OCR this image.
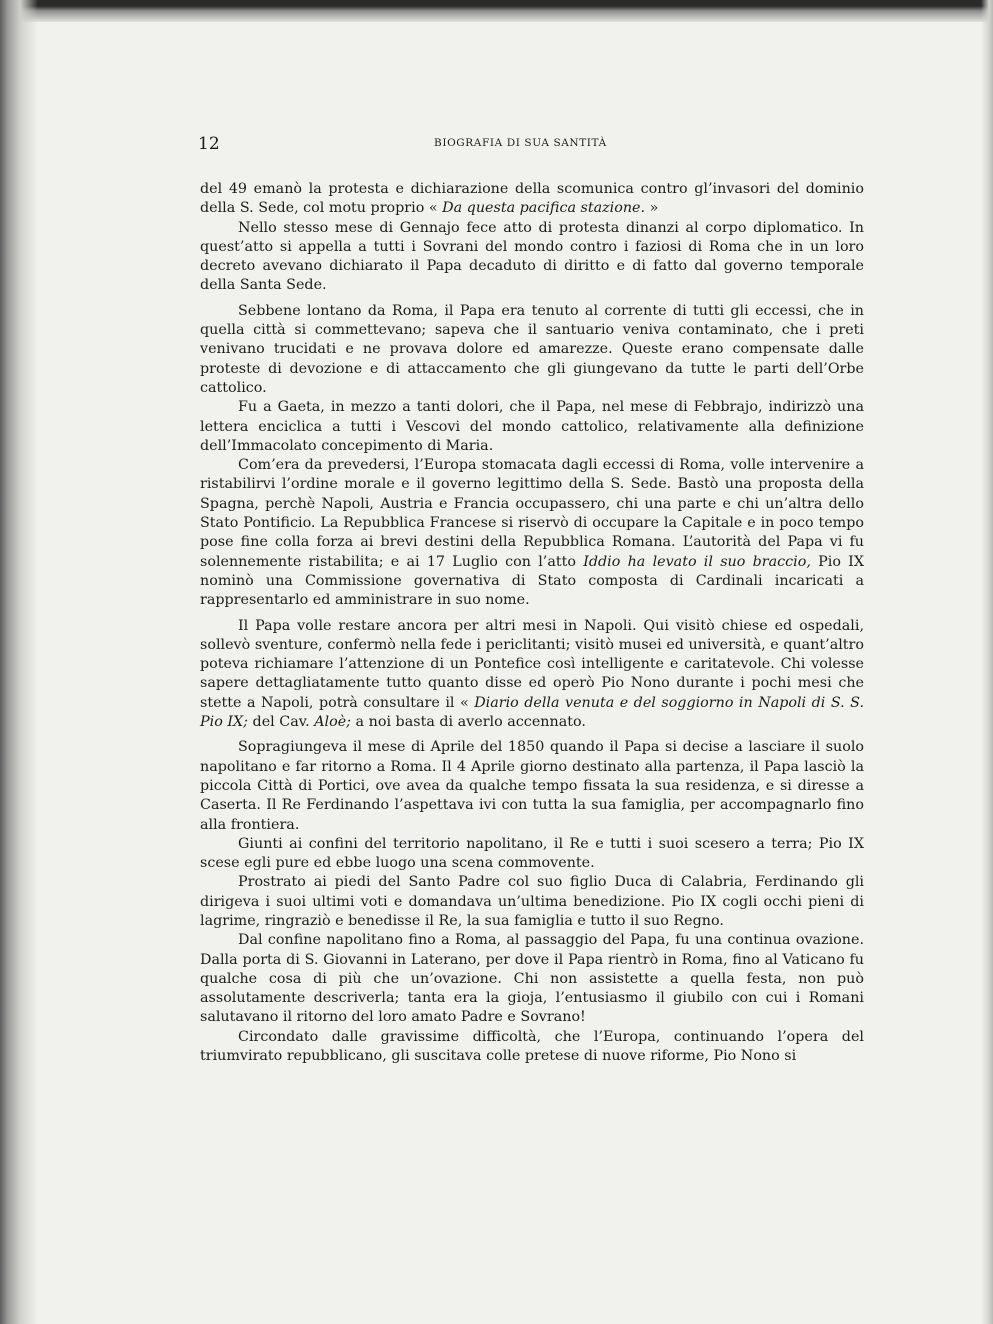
12	BIOGRAFIA DI SUA SANTITÀ

del 49 emanò la protesta e dichiarazione della scomunica contro gl’invasori del dominio della S. Sede, col motu proprio « Da questa pacifica stazione. »

Nello stesso mese di Gennajo fece atto di protesta dinanzi al corpo diplomatico. In quest’atto si appella a tutti i Sovrani del mondo contro i faziosi di Roma che in un loro decreto avevano dichiarato il Papa decaduto di diritto e di fatto dal governo temporale della Santa Sede.

Sebbene lontano da Roma, il Papa era tenuto al corrente di tutti gli eccessi, che in quella città si commettevano; sapeva che il santuario veniva contaminato, che i preti venivano trucidati e ne provava dolore ed amarezze. Queste erano compensate dalle proteste di devozione e di attaccamento che gli giungevano da tutte le parti dell’Orbe cattolico.

Fu a Gaeta, in mezzo a tanti dolori, che il Papa, nel mese di Febbrajo, indirizzò una lettera enciclica a tutti i Vescovi del mondo cattolico, relativamente alla definizione dell’Immacolato concepimento di Maria.

Com’era da prevedersi, l’Europa stomacata dagli eccessi di Roma, volle intervenire a ristabilirvi l’ordine morale e il governo legittimo della S. Sede. Bastò una proposta della Spagna, perchè Napoli, Austria e Francia occupassero, chi una parte e chi un’altra dello Stato Pontificio. La Repubblica Francese si riservò di occupare la Capitale e in poco tempo pose fine colla forza ai brevi destini della Repubblica Romana. L’autorità del Papa vi fu solennemente ristabilita; e ai 17 Luglio con l’atto Iddio ha levato il suo braccio, Pio IX nominò una Commissione governativa di Stato composta di Cardinali incaricati a rappresentarlo ed amministrare in suo nome.

Il Papa volle restare ancora per altri mesi in Napoli. Qui visitò chiese ed ospedali, sollevò sventure, confermò nella fede i periclitanti; visitò musei ed università, e quant’altro poteva richiamare l’attenzione di un Pontefice così intelligente e caritatevole. Chi volesse sapere dettagliatamente tutto quanto disse ed operò Pio Nono durante i pochi mesi che stette a Napoli, potrà consultare il « Diario della venuta e del soggiorno in Napoli di S. S. Pio IX; del Cav. Aloè; a noi basta di averlo accennato.

Sopragiungeva il mese di Aprile del 1850 quando il Papa si decise a lasciare il suolo napolitano e far ritorno a Roma. Il 4 Aprile giorno destinato alla partenza, il Papa lasciò la piccola Città di Portici, ove avea da qualche tempo fissata la sua residenza, e si diresse a Caserta. Il Re Ferdinando l’aspettava ivi con tutta la sua famiglia, per accompagnarlo fino alla frontiera.

Giunti ai confini del territorio napolitano, il Re e tutti i suoi scesero a terra; Pio IX scese egli pure ed ebbe luogo una scena commovente.

Prostrato ai piedi del Santo Padre col suo figlio Duca di Calabria, Ferdinando gli dirigeva i suoi ultimi voti e domandava un’ultima benedizione. Pio IX cogli occhi pieni di lagrime, ringraziò e benedisse il Re, la sua famiglia e tutto il suo Regno.

Dal confine napolitano fino a Roma, al passaggio del Papa, fu una continua ovazione. Dalla porta di S. Giovanni in Laterano, per dove il Papa rientrò in Roma, fino al Vaticano fu qualche cosa di più che un’ovazione. Chi non assistette a quella festa, non può assolutamente descriverla; tanta era la gioja, l’entusiasmo il giubilo con cui i Romani salutavano il ritorno del loro amato Padre e Sovrano!

Circondato dalle gravissime difficoltà, che l’Europa, continuando l’opera del triumvirato repubblicano, gli suscitava colle pretese di nuove riforme, Pio Nono si
